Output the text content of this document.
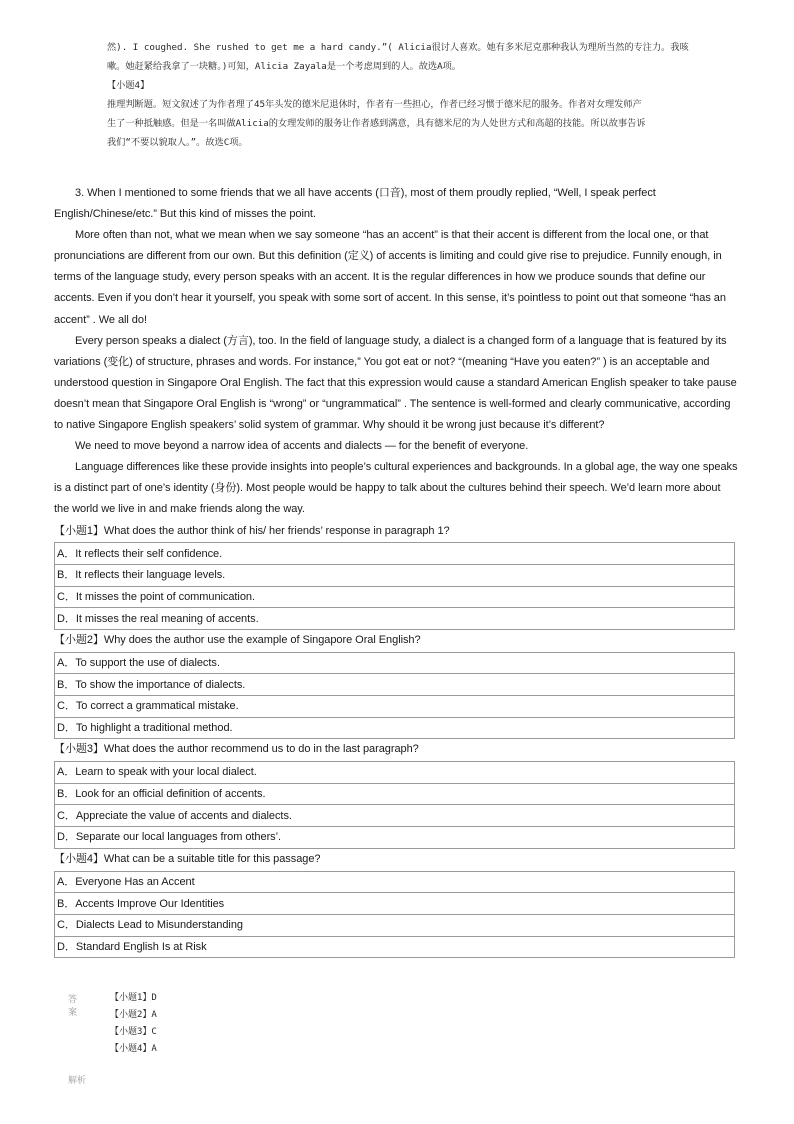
然). I coughed. She rushed to get me a hard candy.”( Alicia很讨人喜欢。她有多米尼克那种我认为理所当然的专注力。我咳

嗽。她赶紧给我拿了一块糖。)可知，Alicia Zayala是一个考虑周到的人。故选A项。

【小题4】

推理判断题。短文叙述了为作者理了45年头发的德米尼退休时，作者有一些担心，作者已经习惯于德米尼的服务。作者对女理发师产

生了一种抵触感。但是一名叫做Alicia的女理发师的服务让作者感到满意，具有德米尼的为人处世方式和高超的技能。所以故事告诉

我们“不要以貌取人。”。故选C项。

3. When I mentioned to some friends that we all have accents (口音), most of them proudly replied, “Well, I speak perfect English/Chinese/etc.” But this kind of misses the point.

More often than not, what we mean when we say someone “has an accent” is that their accent is different from the local one, or that pronunciations are different from our own. But this definition (定义) of accents is limiting and could give rise to prejudice. Funnily enough, in terms of the language study, every person speaks with an accent. It is the regular differences in how we produce sounds that define our accents. Even if you don’t hear it yourself, you speak with some sort of accent. In this sense, it’s pointless to point out that someone “has an accent” . We all do!

Every person speaks a dialect (方言), too. In the field of language study, a dialect is a changed form of a language that is featured by its variations (变化) of structure, phrases and words. For instance,” You got eat or not? “(meaning “Have you eaten?” ) is an acceptable and understood question in Singapore Oral English. The fact that this expression would cause a standard American English speaker to take pause doesn’t mean that Singapore Oral English is “wrong” or “ungrammatical” . The sentence is well-formed and clearly communicative, according to native Singapore English speakers’ solid system of grammar. Why should it be wrong just because it’s different?

We need to move beyond a narrow idea of accents and dialects — for the benefit of everyone.

Language differences like these provide insights into people’s cultural experiences and backgrounds. In a global age, the way one speaks is a distinct part of one’s identity (身份). Most people would be happy to talk about the cultures behind their speech. We’d learn more about the world we live in and make friends along the way.

【小题1】What does the author think of his/ her friends’ response in paragraph 1?
A．It reflects their self confidence.
B．It reflects their language levels.
C．It misses the point of communication.
D．It misses the real meaning of accents.
【小题2】Why does the author use the example of Singapore Oral English?
A．To support the use of dialects.
B．To show the importance of dialects.
C．To correct a grammatical mistake.
D．To highlight a traditional method.
【小题3】What does the author recommend us to do in the last paragraph?
A．Learn to speak with your local dialect.
B．Look for an official definition of accents.
C．Appreciate the value of accents and dialects.
D．Separate our local languages from others’.
【小题4】What can be a suitable title for this passage?
A．Everyone Has an Accent
B．Accents Improve Our Identities
C．Dialects Lead to Misunderstanding
D．Standard English Is at Risk
答案
【小题1】D
【小题2】A
【小题3】C
【小题4】A
解析
